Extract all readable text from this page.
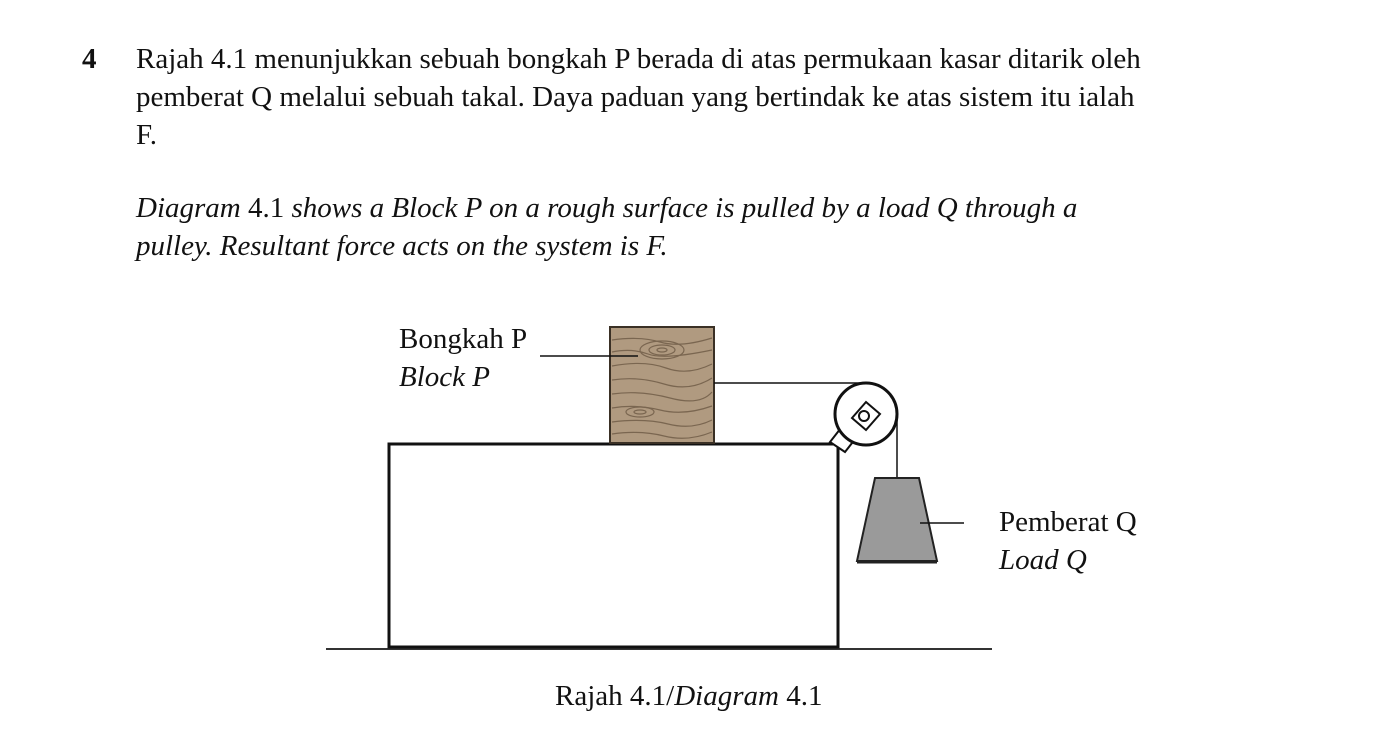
4 Rajah 4.1 menunjukkan sebuah bongkah P berada di atas permukaan kasar ditarik oleh
pemberat Q melalui sebuah takal. Daya paduan yang bertindak ke atas sistem itu ialah
F.
Diagram 4.1 shows a Block P on a rough surface is pulled by a load Q through a
pulley. Resultant force acts on the system is F.
Bongkah P
Block P
Pemberat Q
Load Q
Rajah 4.1/Diagram 4.1
